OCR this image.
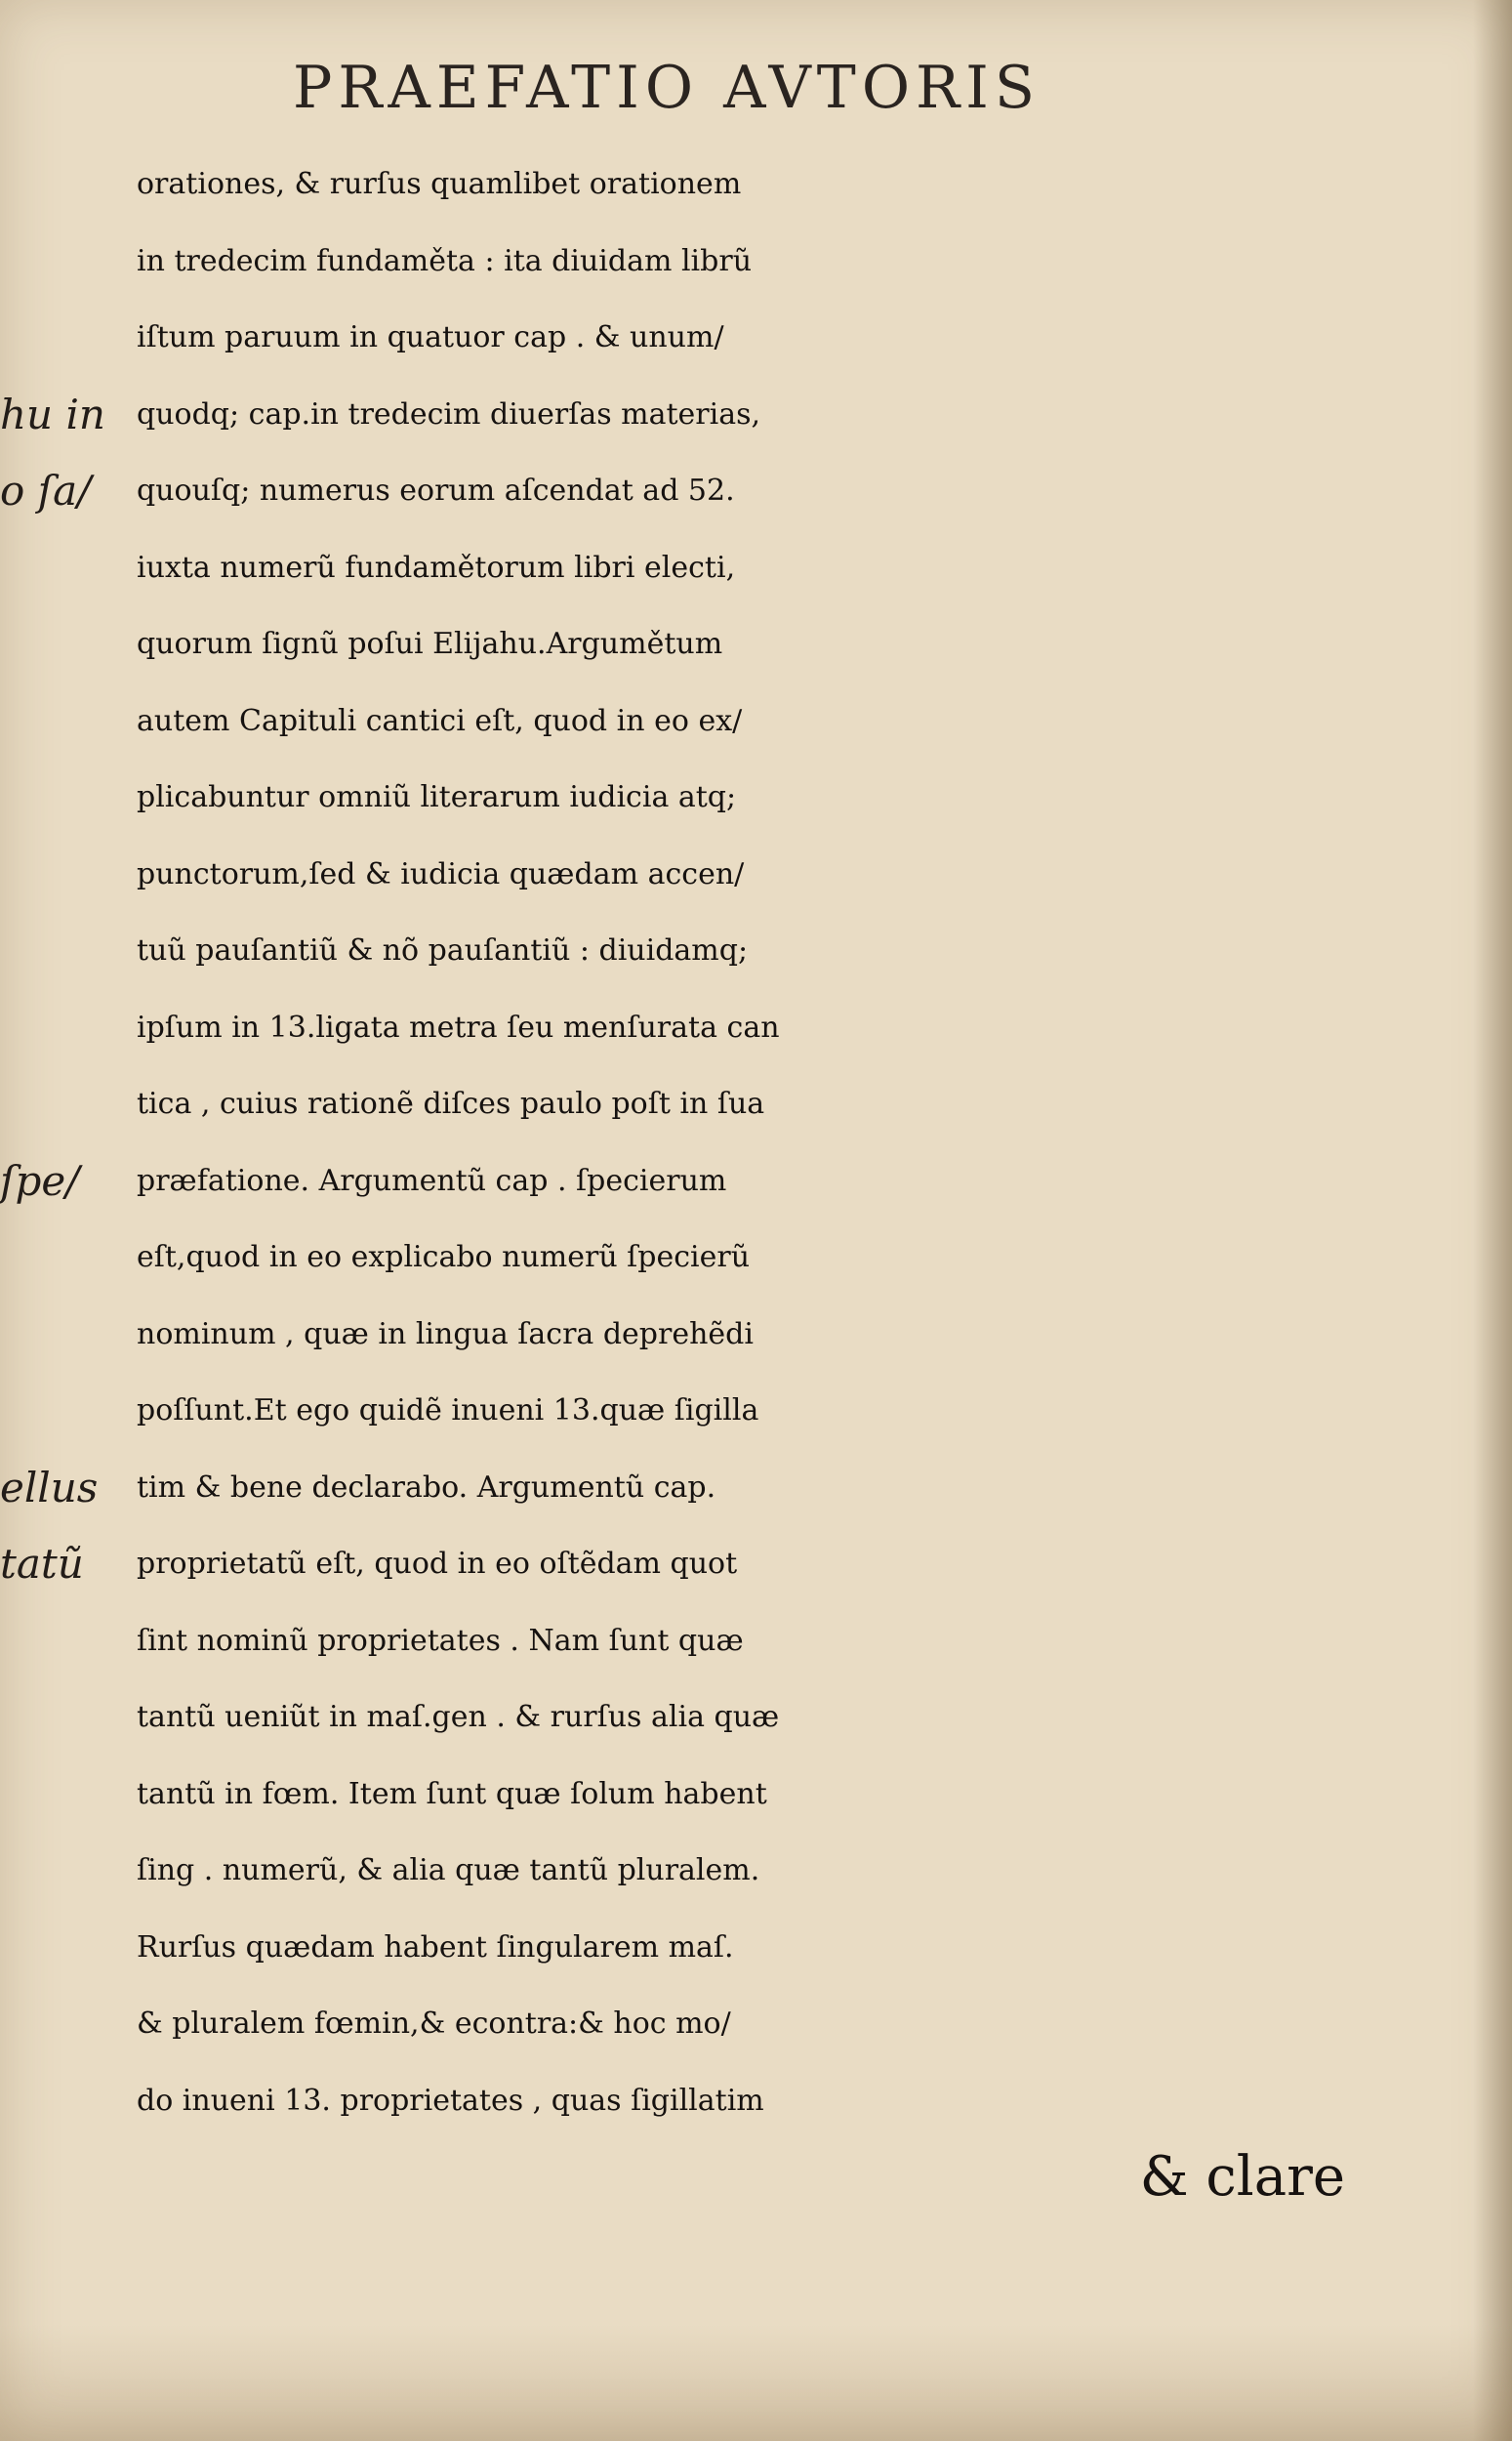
PRAEFATIO AVTORIS
hu in
o ſa/
ſpe/
ellus
tatũ
orationes, & rurſus quamlibet orationem
in tredecim fundaměta : ita diuidam librũ
iſtum paruum in quatuor cap . & unum/
quodq; cap.in tredecim diuerſas materias,
quouſq; numerus eorum aſcendat ad 52.
iuxta numerũ fundamětorum libri electi,
quorum ſignũ poſui Elijahu.Argumětum
autem Capituli cantici eſt, quod in eo ex/
plicabuntur omniũ literarum iudicia atq;
punctorum,ſed & iudicia quædam accen/
tuũ pauſantiũ & nõ pauſantiũ : diuidamq;
ipſum in 13.ligata metra ſeu menſurata can
tica , cuius ratiоnẽ diſces paulo poſt in ſua
præfatione. Argumentũ cap . ſpecierum
eſt,quod in eo explicabo numerũ ſpecierũ
nominum , quæ in lingua ſacra deprehẽdi
poſſunt.Et ego quidẽ inueni 13.quæ ſigilla
tim & bene declarabo. Argumentũ cap.
proprietatũ eſt, quod in eo oſtẽdam quot
ſint nominũ proprietates . Nam ſunt quæ
tantũ ueniũt in maſ.gen . & rurſus alia quæ
tantũ in fœm. Item ſunt quæ ſolum habent
ſing . numerũ, & alia quæ tantũ pluralem.
Rurſus quædam habent ſingularem maſ.
& pluralem fœmin,& econtra:& hoc mo/
do inueni 13. proprietates , quas ſigillatim
& clare
